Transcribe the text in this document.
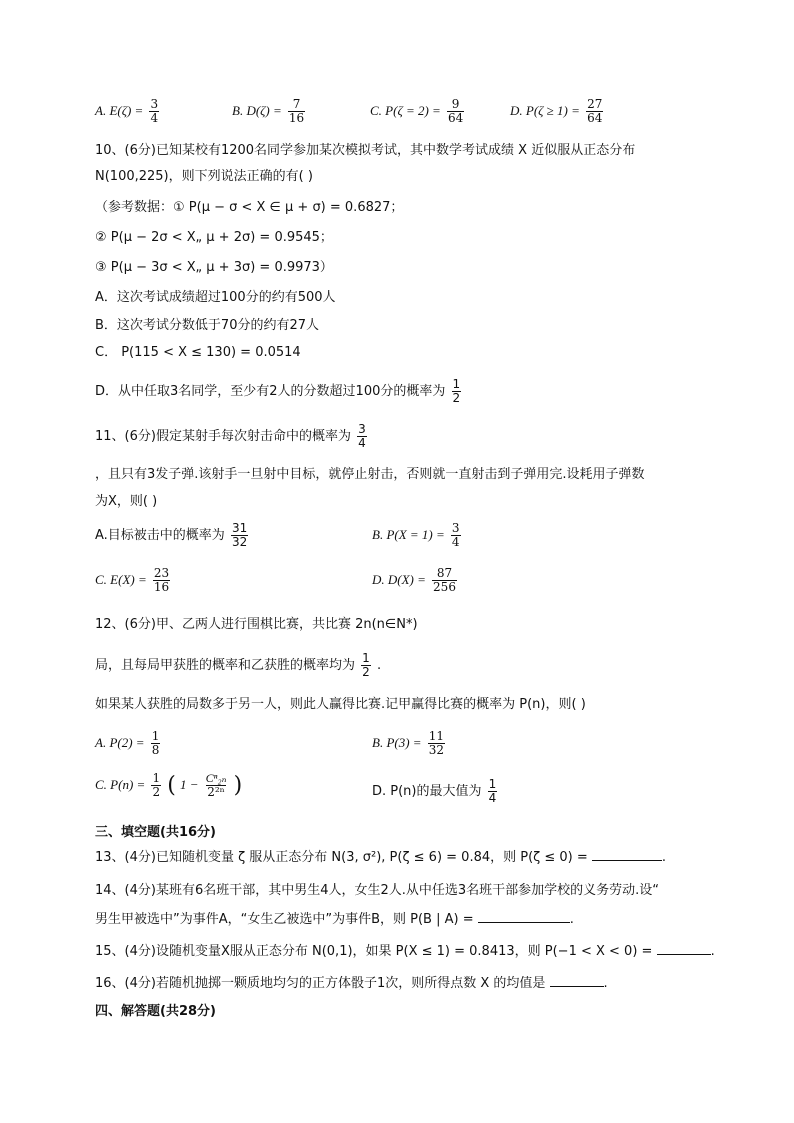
A. $E(\zeta) = \frac{3}{4}$	B. $D(\zeta) = \frac{7}{16}$	C. $P(\zeta = 2) = \frac{9}{64}$	D. $P(\zeta \ge 1) = \frac{27}{64}$
10、(6分)已知某校有1200名同学参加某次模拟考试，其中数学考试成绩 X 近似服从正态分布
N(100,225)，则下列说法正确的有( )
（参考数据：① P(μ − σ < X ∈ μ + σ) = 0.6827；
② P(μ − 2σ < X„ μ + 2σ) = 0.9545；
③ P(μ − 3σ < X„ μ + 3σ) = 0.9973）
A．这次考试成绩超过100分的约有500人
B．这次考试分数低于70分的约有27人
C． P(115 < X ≤ 130) = 0.0514
D．从中任取3名同学，至少有2人的分数超过100分的概率为 $\frac{1}{2}$
11、(6分)假定某射手每次射击命中的概率为 $\frac{3}{4}$
，且只有3发子弹.该射手一旦射中目标，就停止射击，否则就一直射击到子弹用完.设耗用子弹数
为X，则( )
A.目标被击中的概率为 $\frac{31}{32}$	B. $P(X = 1) = \frac{3}{4}$
C. $E(X) = \frac{23}{16}$	D. $D(X) = \frac{87}{256}$
12、(6分)甲、乙两人进行围棋比赛，共比赛 2n(n∈N*)
局，且每局甲获胜的概率和乙获胜的概率均为 $\frac{1}{2}$ .
如果某人获胜的局数多于另一人，则此人赢得比赛.记甲赢得比赛的概率为 P(n)，则( )
A. $P(2) = \frac{1}{8}$	B. $P(3) = \frac{11}{32}$
C. $P(n) = \frac{1}{2}$ ( $1 - \frac{\text{Cⁿ₂ₙ}}{\text{2²ⁿ}}$ )	D. P(n)的最大值为 $\frac{1}{4}$
三、填空题(共16分)
13、(4分)已知随机变量 ζ 服从正态分布 N(3, σ²), P(ζ ≤ 6) = 0.84，则 P(ζ ≤ 0) =	.
14、(4分)某班有6名班干部，其中男生4人，女生2人.从中任选3名班干部参加学校的义务劳动.设“
男生甲被选中”为事件A，“女生乙被选中”为事件B，则 P(B | A) =	.
15、(4分)设随机变量X服从正态分布 N(0,1)，如果 P(X ≤ 1) = 0.8413，则 P(−1 < X < 0) =	.
16、(4分)若随机抛掷一颗质地均匀的正方体骰子1次，则所得点数 X 的均值是	.
四、解答题(共28分)
